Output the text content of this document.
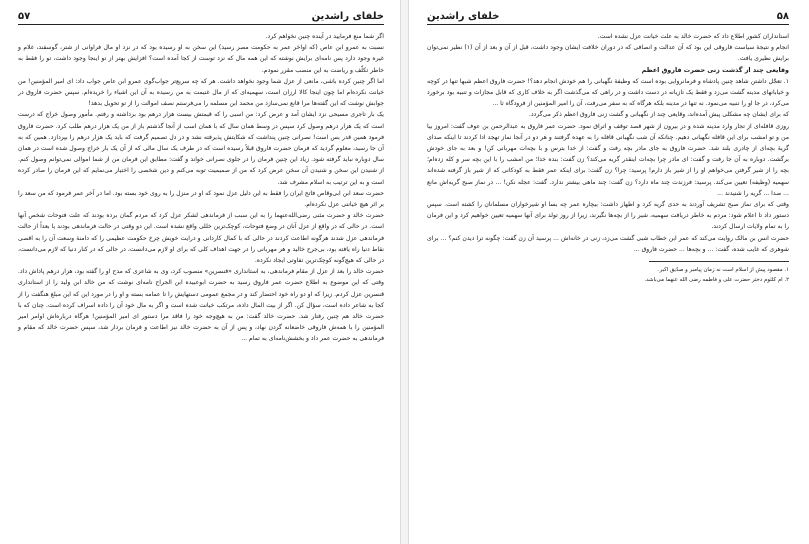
خلفای راشدین
۵۷

اگر شما منع فرمایید در آینده چنین نخواهم کرد.

نسبت به عمرو ابن عاص (که اواخر عمر به حکومت مصر رسید) این سخن به او رسیده بود که در نزد او مال فراوانی از شتر، گوسفند، غلام و غیره وجود دارد پس نامه‌ای برایش نوشته که این همه مال که نزد توست از کجا آمده است؟ افزایش بهتر از تو اینجا وجود داشت، تو را فقط به خاطر تکلّف و ریاضت به این منصب مقرر نمودم.

اما اگر چنین کرده باشی، مانعی از عزل شما وجود نخواهد داشت. هر که چه سریع‌تر جواب‌گوی عمرو ابن عاص جواب داد: ای امیر المؤمنین! من خیانت نکرده‌ام اما چون اینجا کالا ارزان است، سهمیه‌ای که از مال غنیمت به من رسیده به آن این اشیاء را خریده‌ام. سپس حضرت فاروق در جوابش نوشت که این گفته‌ها مرا قانع نمی‌سازد من محمد ابن مسلمه را می‌فرستم نصف اموالت را از تو تحویل بدهد!

یک بار تاجری مسیحی نزد ایشان آمد و عرض کرد: من اسبی را که قیمتش بیست هزار درهم بود برداشته و رفتم. مأمور وصول خراج که درست است که یک هزار درهم وصول کرد سپس در وسط همان سال که با همان اسب از آنجا گذشتم باز از من یک هزار درهم طلب کرد. حضرت فاروق فرمود همین قدر بس است! نصرانی چنین پنداشت که شکایتش پذیرفته نشد و در دل تصمیم گرفت که باید یک هزار درهم را بپردازد. همین که به آن جا رسید، معلوم گردید که فرمان حضرت فاروق قبلاً رسیده است که در طرف یک سال مالی که از آن یک بار خراج وصول شده است در همان سال دوباره نباید گرفته شود. زیاد این چنین فرمان را در جلوی نصرانی خواند و گفت: مطابق این فرمان من از شما اموالی نمی‌توانم وصول کنم. از شنیدن این سخن و شنیدن آن سخن عرض کرد که من از صمیمیت توبه می‌کنم و دین شخصی را اختیار می‌نمایم که این فرمان را صادر کرده است و به این ترتیب به اسلام مشرف شد.

حضرت سعد ابن ابی‌وقاص فاتح ایران را فقط به این دلیل عزل نمود که او در منزل را به روی خود بسته بود. اما در آخر عمر فرمود که من سعد را بر اثر هیچ خیانتی عزل نکرده‌ام.

حضرت خالد و حضرت مثنی رضی‌الله‌عنهما را به این سبب از فرماندهی لشکر عزل کرد که مردم گمان برده بودند که علت فتوحات شخص آنها است. در حالی که در واقع از عزل آنان در وضع فتوحات، کوچک‌ترین خللی واقع نشده است. این دو وقتی در حالت فرماندهی بودند یا بعداً از حالت فرماندهی عزل شدند هرگونه اطاعت کردند در حالی که با کمال کاردانی و درایت خویش چرخ حکومت عظیمی را که دامنهٔ وسعت آن را به اقصی نقاط دنیا راه یافته بود، بی‌جرح خالید و هر مهربانی را در جهت اهداف کلی که برای او لازم می‌دانست، در حالی که در کنار دنیا که لازم می‌دانست، در حالی که هیچ‌گونه کوچک‌ترین تفاوتی ایجاد نکرده.

حضرت خالد را بعد از عزل از مقام فرماندهی، به استانداری «قنسرین» منصوب کرد، وی به شاعری که مدح او را گفته بود، هزار درهم پاداش داد. وقتی که این موضوع به اطلاع حضرت عمر فاروق رسید به حضرت ابوعبیده ابن الجراح نامه‌ای نوشت که من خالد ابن ولید را از استانداری قنسرین عزل کردم. زیرا که او دو راه خود احتضار کند و در مجمع عمومی دستهایش را تا عمامه بسته و او را در مورد این که این مبلغ هنگفت را از کجا به شاعر داده است، سؤال کن. اگر از بیت المال داده، مرتکب خیانت شده است و اگر به مال خود آن را داده اسراف کرده است. چنان که با حضرت خالد هم چنین رفتار شد. حضرت خالد گفت: من به هیچ‌وجه خود را فاقد مرا دستور ای امیر المؤمنین! هرگاه درباره‌اش اوامر امیر المؤمنین را با همه‌ش فاروقی خاضعانه گردن نهاد، و پس از آن به حضرت خالد نیز اطاعت و فرمان بردار شد، سپس حضرت خالد که مقام و فرماندهی به حضرت عمر داد و بخشش‌نامه‌ای به تمام ...

۵۸
خلفای راشدین

استانداران کشور اطلاع داد که حضرت خالد به علت خیانت عزل نشده است.

انجام و نتیجهٔ سیاست فاروقی این بود که آن عدالت و انصافی که در دوران خلافت ایشان وجود داشت، قبل از آن و بعد از آن (۱) نظیر نمی‌توان برایش نظیری یافت.

وقایعی چند از گذشت زنی حضرت فاروق اعظم

۱. تعجّل داشتن شاهد چنین پادشاه و فرمانروایی بوده است که وظیفهٔ نگهبانی را هم خودش انجام دهد؟! حضرت فاروق اعظم شبها تنها در کوچه و خیابانهای مدینه گشت می‌زد و فقط یک تازیانه در دست داشت و در راهی که می‌گذشت اگر به خلاف کاری که قابل مجازات و تنبیه بود برخورد می‌کرد، در جا او را تنبیه می‌نمود. نه تنها در مدینه بلکه هرگاه که به سفر می‌رفت، آن را امیر المؤمنین از فرودگاه تا ...

که برای ایشان چه مشکلی پیش آمده‌اند، وقایعی چند از نگهبانی و گشت زنی فاروق اعظم ذکر می‌گردد.

روزی قافله‌ای از تجار وارد مدینه شده و در بیرون از شهر قصد توقف و اتراق نمود. حضرت عمر فاروق به عبدالرحمن بن عوف گفت: امروز بیا من و تو امشب برای این قافله نگهبانی دهیم. چنانکه آن شب نگهبانی قافله را به عهده گرفتند و هر دو در آنجا نماز تهجد ادا کردند تا اینکه صدای گریهٔ بچه‌ای از چادری بلند شد. حضرت فاروق به جای مادر بچه رفت و گفت: از خدا بترس و با بچه‌ات مهربانی کن! و بعد به جای خودش برگشت. دوباره به آن جا رفت و گفت: ای مادر چرا بچه‌ات اینقدر گریه می‌کند؟ زن گفت: بنده خدا؛ من امشب را با این بچه سر و کله زده‌ام؛ بچه را از شیر گرفتن می‌خواهم او را از شیر باز دارم! پرسید: چرا؟ زن گفت: برای اینکه عمر فقط به کودکانی که از شیر باز گرفته شده‌اند سهمیه (وظیفه) تعیین می‌کند. پرسید: فرزندت چند ماه دارد؟ زن گفت: چند ماهی بیشتر ندارد. گفت: عجله نکن! ... در نماز صبح گریه‌اش مانع ... صدا ... گریه را شنیدند ...

وقتی که برای نماز صبح تشریف آوردند به حدی گریه کرد و اظهار داشت: بیچاره عمر چه بسا او شیرخواران مسلمانان را کشته است. سپس دستور داد تا اعلام شود: مردم به خاطر دریافت سهمیه، شیر را از بچه‌ها نگیرند، زیرا از روز تولد برای آنها سهمیه تعیین خواهیم کرد و این فرمان را به تمام ولایات ارسال کردند.

حضرت انس بن مالک روایت می‌کند که عمر ابن خطاب شبی گشت می‌زد، زنی در خانه‌اش ... پرسید آن زن گفت: چگونه ترا دیدن کنم؟ ... برای شوهری که غایب شده، گفت: ... و بچه‌ها ... حضرت فاروق ...

۱. مقصود پیش از اسلام است نه زمان پیامبر و صدّیق اکبر.

۲. ام کلثوم دختر حضرت علی و فاطمه رضی الله عنهما می‌باشد.
